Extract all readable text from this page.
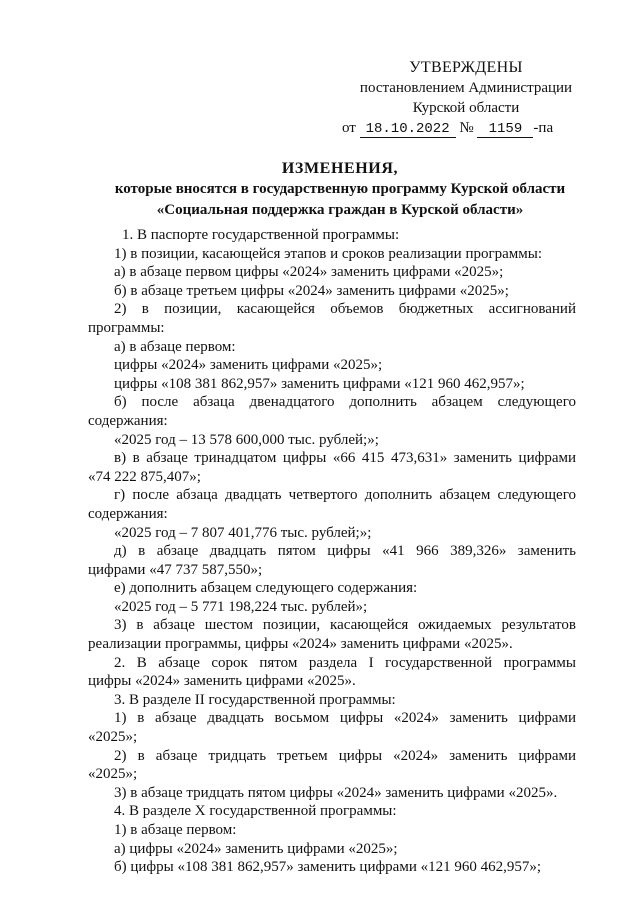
УТВЕРЖДЕНЫ
постановлением Администрации
Курской области
от 18.10.2022 № 1159 -па
ИЗМЕНЕНИЯ,
которые вносятся в государственную программу Курской области
«Социальная поддержка граждан в Курской области»
1. В паспорте государственной программы:
1) в позиции, касающейся этапов и сроков реализации программы:
а) в абзаце первом цифры «2024» заменить цифрами «2025»;
б) в абзаце третьем цифры «2024» заменить цифрами «2025»;
2) в позиции, касающейся объемов бюджетных ассигнований
программы:
а) в абзаце первом:
цифры «2024» заменить цифрами «2025»;
цифры «108 381 862,957» заменить цифрами «121 960 462,957»;
б) после абзаца двенадцатого дополнить абзацем следующего
содержания:
«2025 год – 13 578 600,000 тыс. рублей;»;
в) в абзаце тринадцатом цифры «66 415 473,631» заменить цифрами
«74 222 875,407»;
г) после абзаца двадцать четвертого дополнить абзацем следующего
содержания:
«2025 год – 7 807 401,776 тыс. рублей;»;
д) в абзаце двадцать пятом цифры «41 966 389,326» заменить
цифрами «47 737 587,550»;
е) дополнить абзацем следующего содержания:
«2025 год – 5 771 198,224 тыс. рублей»;
3) в абзаце шестом позиции, касающейся ожидаемых результатов
реализации программы, цифры «2024» заменить цифрами «2025».
2. В абзаце сорок пятом раздела I государственной программы
цифры «2024» заменить цифрами «2025».
3. В разделе II государственной программы:
1) в абзаце двадцать восьмом цифры «2024» заменить цифрами
«2025»;
2) в абзаце тридцать третьем цифры «2024» заменить цифрами
«2025»;
3) в абзаце тридцать пятом цифры «2024» заменить цифрами «2025».
4. В разделе X государственной программы:
1) в абзаце первом:
а) цифры «2024» заменить цифрами «2025»;
б) цифры «108 381 862,957» заменить цифрами «121 960 462,957»;
